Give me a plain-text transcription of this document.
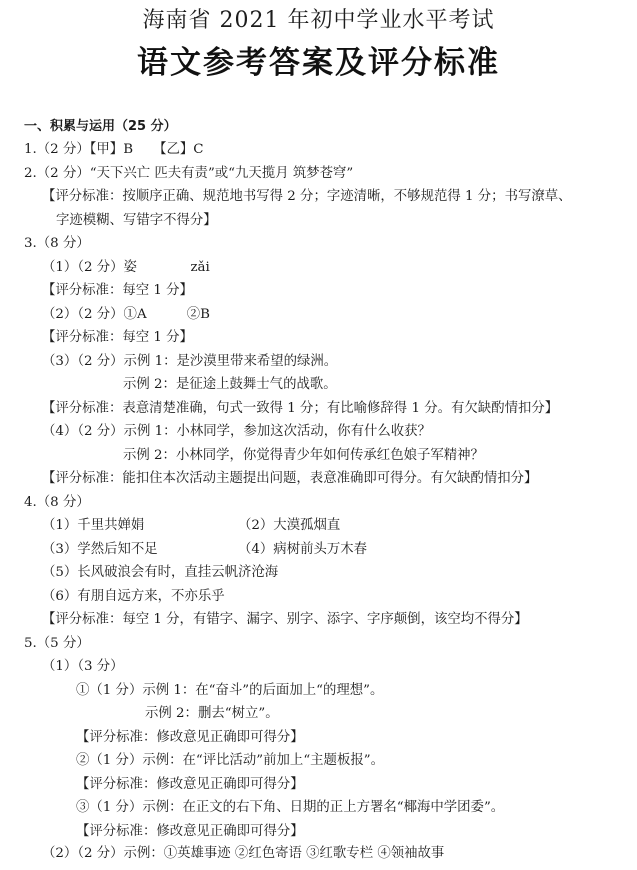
海南省 2021 年初中学业水平考试
语文参考答案及评分标准
一、积累与运用（25 分）
1.（2 分）【甲】B　　【乙】C
2.（2 分）“天下兴亡 匹夫有责”或“九天揽月 筑梦苍穹”
【评分标准：按顺序正确、规范地书写得 2 分；字迹清晰，不够规范得 1 分；书写潦草、
字迹模糊、写错字不得分】
3.（8 分）
（1）（2 分）姿　　　　zǎi
【评分标准：每空 1 分】
（2）（2 分）①A　　　②B
【评分标准：每空 1 分】
（3）（2 分）示例 1：是沙漠里带来希望的绿洲。
示例 2：是征途上鼓舞士气的战歌。
【评分标准：表意清楚准确，句式一致得 1 分；有比喻修辞得 1 分。有欠缺酌情扣分】
（4）（2 分）示例 1：小林同学，参加这次活动，你有什么收获？
示例 2：小林同学，你觉得青少年如何传承红色娘子军精神？
【评分标准：能扣住本次活动主题提出问题，表意准确即可得分。有欠缺酌情扣分】
4.（8 分）
（1）千里共婵娟	（2）大漠孤烟直
（3）学然后知不足	（4）病树前头万木春
（5）长风破浪会有时，直挂云帆济沧海
（6）有朋自远方来，不亦乐乎
【评分标准：每空 1 分，有错字、漏字、别字、添字、字序颠倒，该空均不得分】
5.（5 分）
（1）（3 分）
①（1 分）示例 1：在“奋斗”的后面加上“的理想”。
示例 2：删去“树立”。
【评分标准：修改意见正确即可得分】
②（1 分）示例：在“评比活动”前加上“主题板报”。
【评分标准：修改意见正确即可得分】
③（1 分）示例：在正文的右下角、日期的正上方署名“椰海中学团委”。
【评分标准：修改意见正确即可得分】
（2）（2 分）示例：①英雄事迹 ②红色寄语 ③红歌专栏 ④领袖故事
【评分标准：每空 1 分，有欠缺酌情扣分】
